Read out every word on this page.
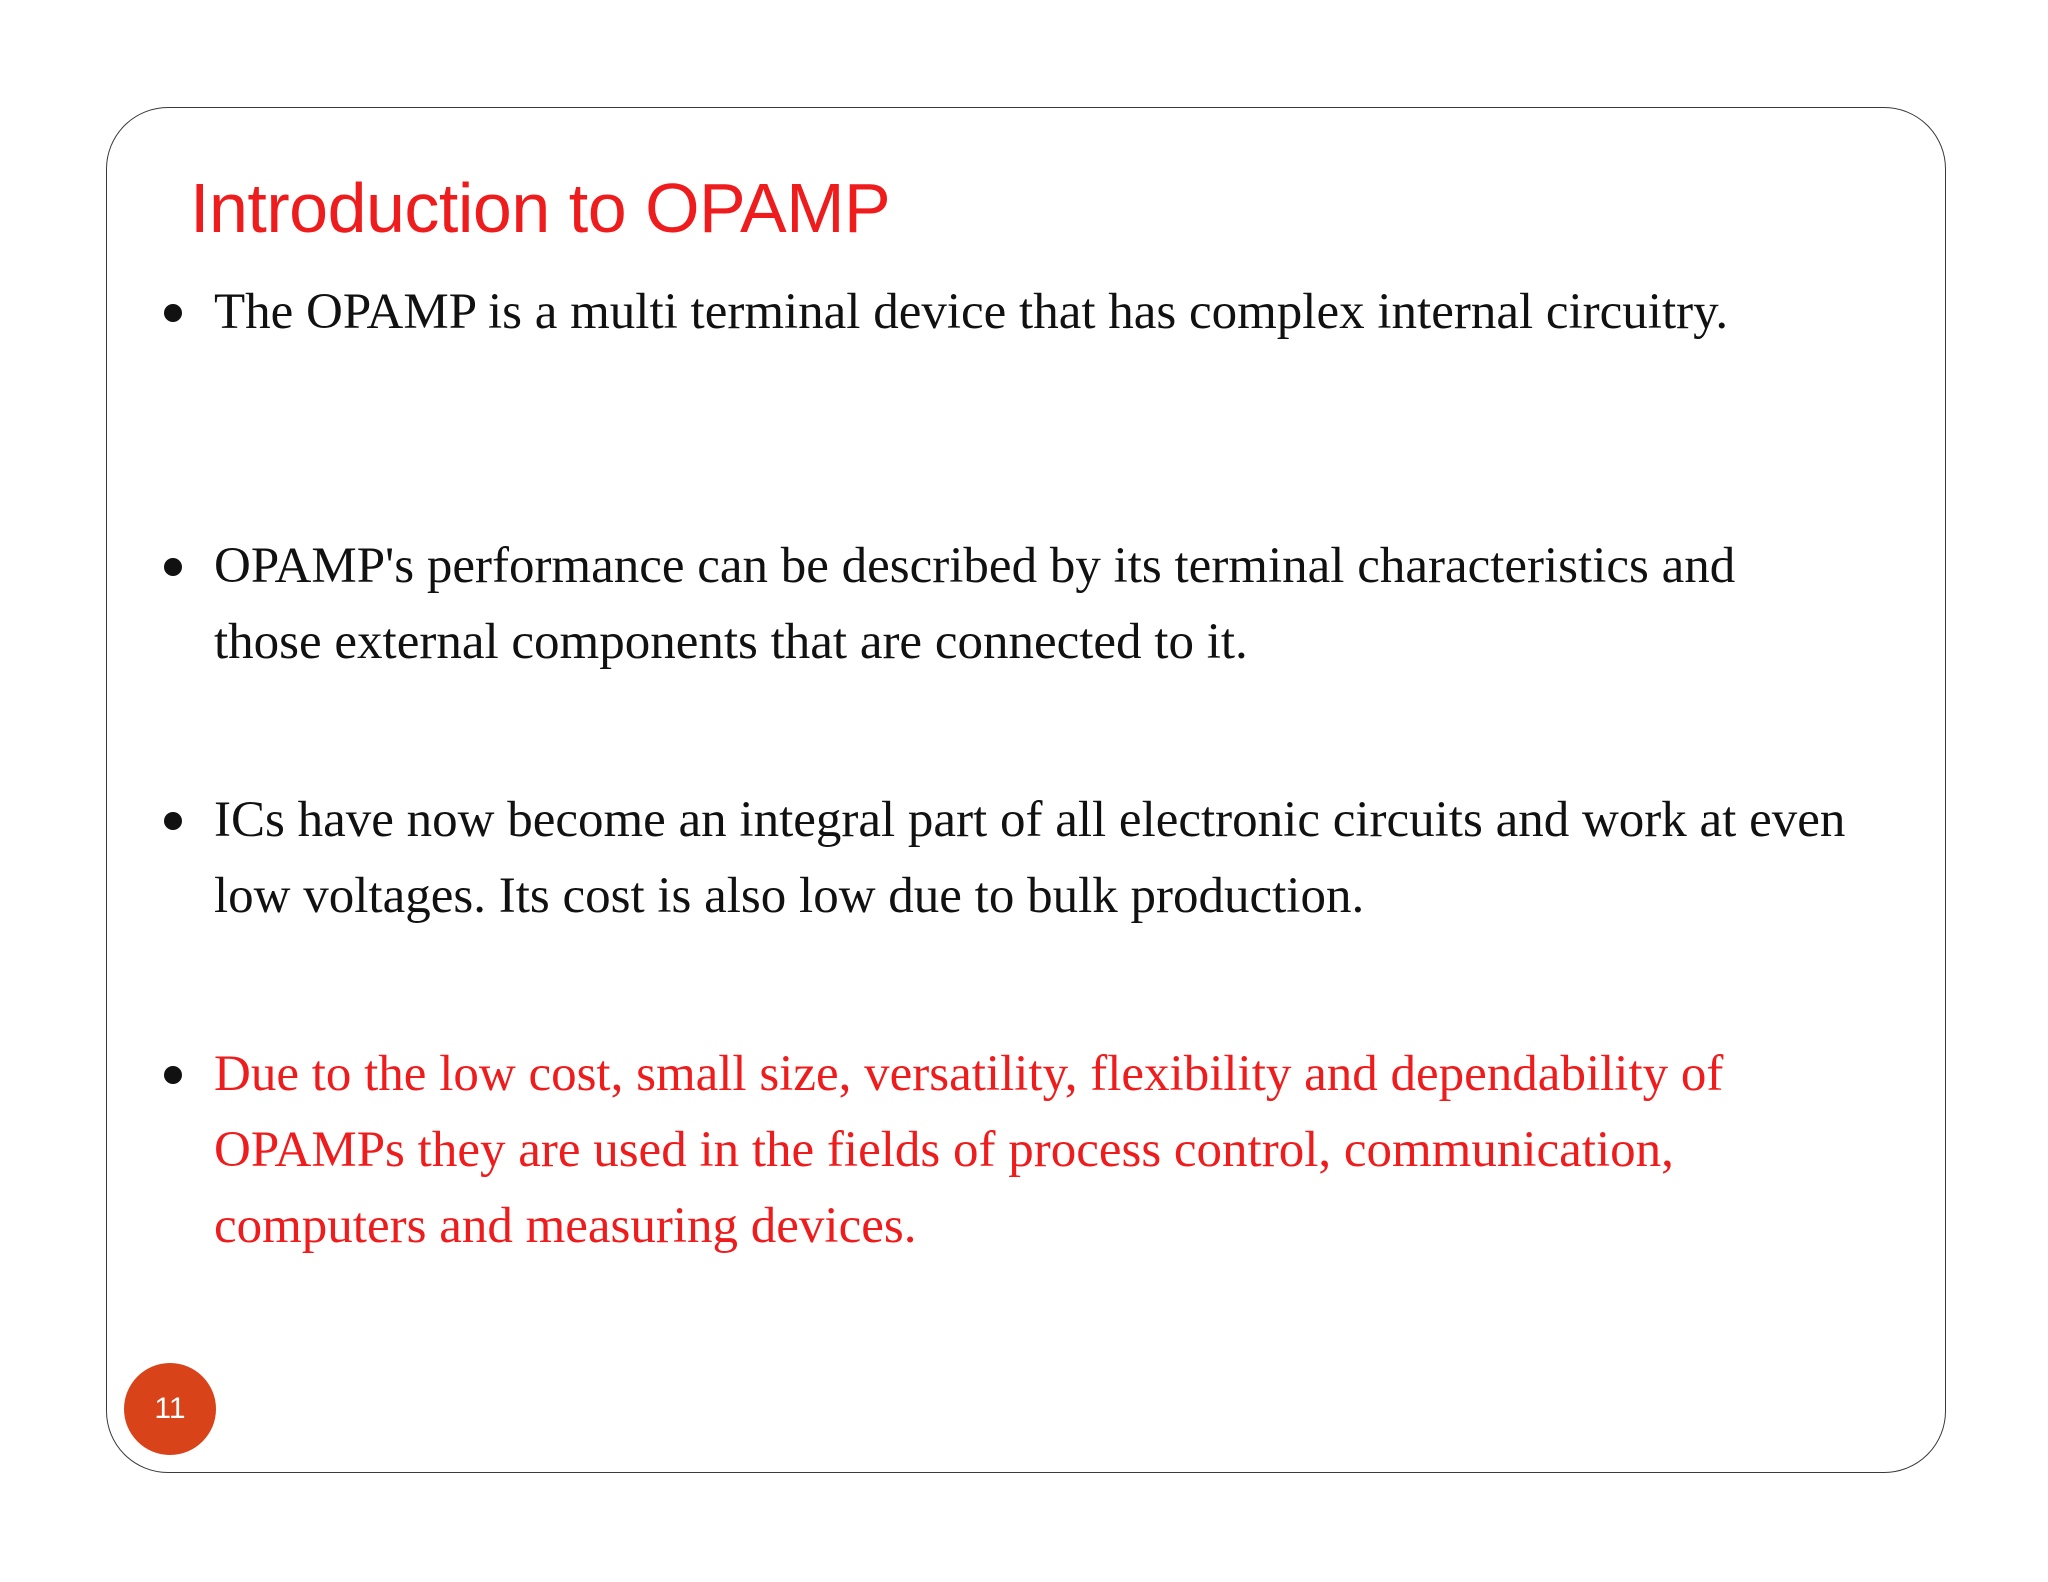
Introduction to OPAMP
The OPAMP is a multi terminal device that has complex internal circuitry.
OPAMP's performance can be described by its terminal characteristics and those external components that are connected to it.
ICs have now become an integral part of all electronic circuits and work at even low voltages. Its cost is also low due to bulk production.
Due to the low cost, small size, versatility, flexibility and dependability of OPAMPs they are used in the fields of process control, communication, computers and measuring devices.
11
